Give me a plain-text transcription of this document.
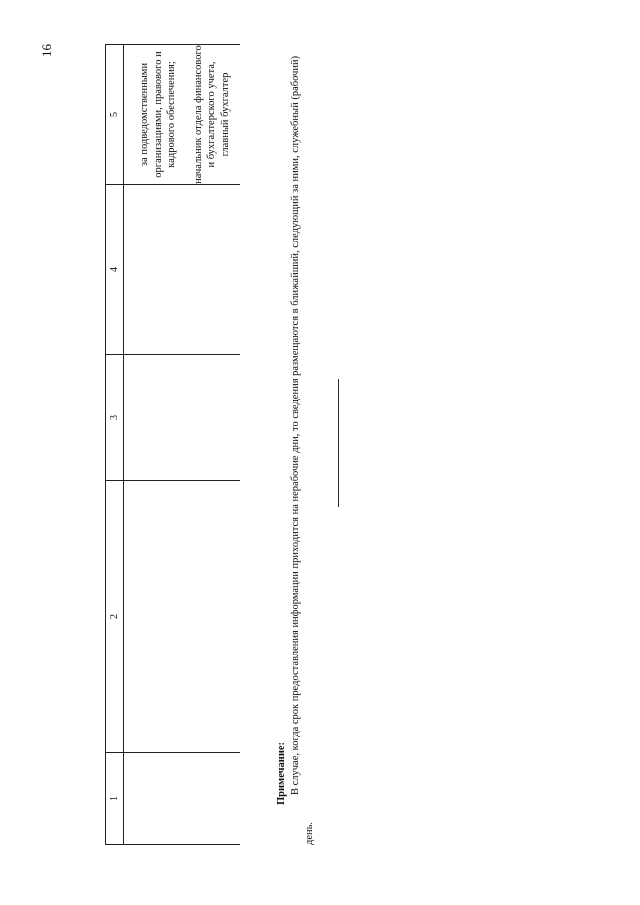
16
1	2	3	4	5

				за подведомственными организациями, правового и кадрового обеспечения; начальник отдела финансового и бухгалтерского учета, главный бухгалтер
Примечание: В случае, когда срок предоставления информации приходится на нерабочие дни, то сведения размещаются в ближайший, следующий за ними, служебный (рабочий) день.
